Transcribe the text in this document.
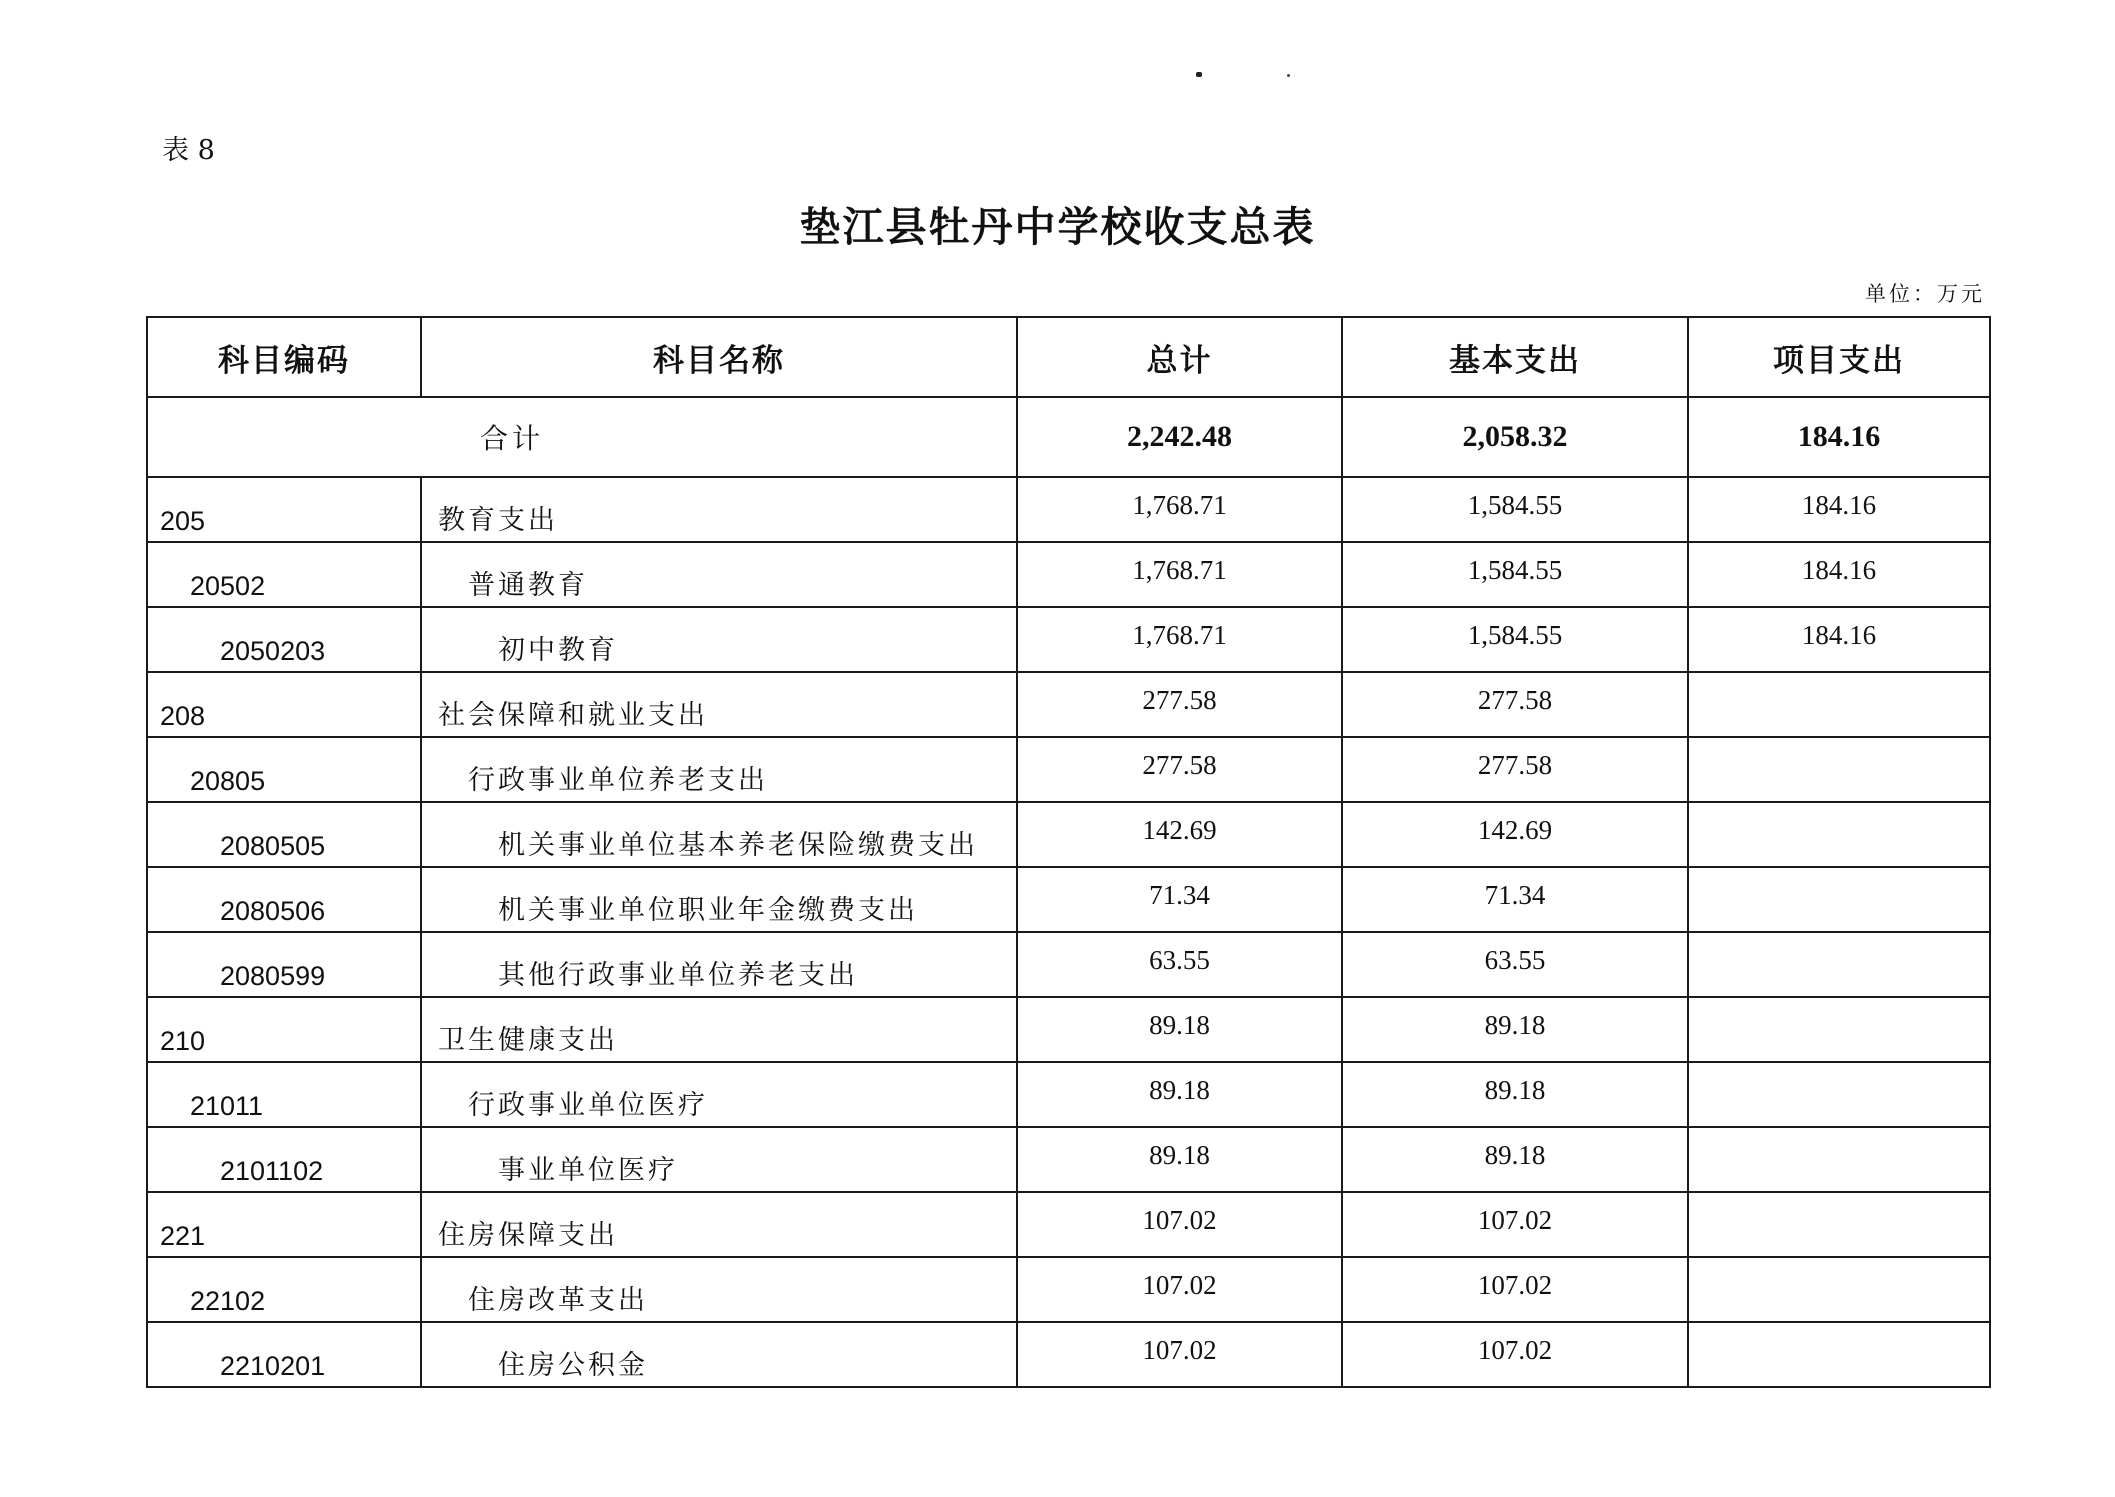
表 8
垫江县牡丹中学校收支总表
单位：万元
科目编码	科目名称	总计	基本支出	项目支出
合计		2,242.48	2,058.32	184.16
205	教育支出	1,768.71	1,584.55	184.16
20502	普通教育	1,768.71	1,584.55	184.16
2050203	初中教育	1,768.71	1,584.55	184.16
208	社会保障和就业支出	277.58	277.58	
20805	行政事业单位养老支出	277.58	277.58	
2080505	机关事业单位基本养老保险缴费支出	142.69	142.69	
2080506	机关事业单位职业年金缴费支出	71.34	71.34	
2080599	其他行政事业单位养老支出	63.55	63.55	
210	卫生健康支出	89.18	89.18	
21011	行政事业单位医疗	89.18	89.18	
2101102	事业单位医疗	89.18	89.18	
221	住房保障支出	107.02	107.02	
22102	住房改革支出	107.02	107.02	
2210201	住房公积金	107.02	107.02	
